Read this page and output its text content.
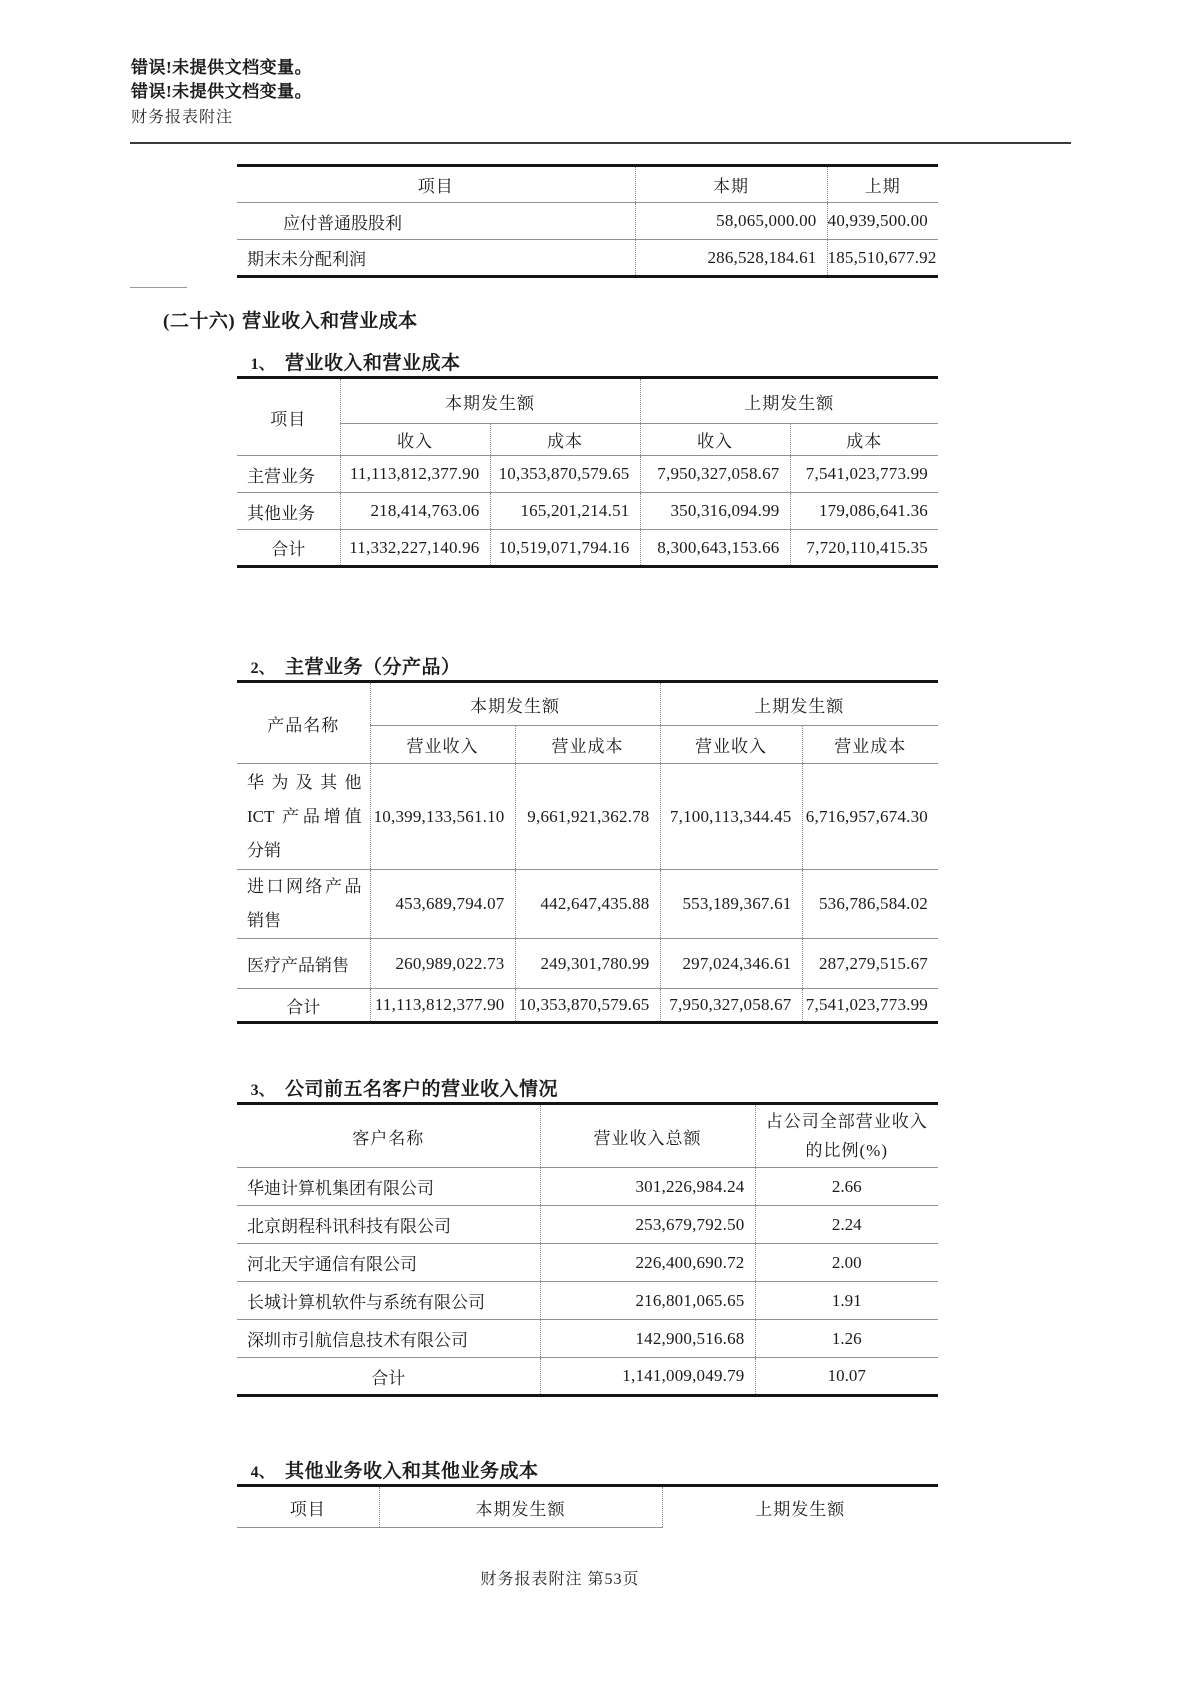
错误!未提供文档变量。
错误!未提供文档变量。
财务报表附注
项目	本期	上期
应付普通股股利	58,065,000.00	40,939,500.00
期末未分配利润	286,528,184.61	185,510,677.92
(二十六) 营业收入和营业成本
1、 营业收入和营业成本
项目	本期发生额		上期发生额	
	收入	成本	收入	成本
主营业务	11,113,812,377.90	10,353,870,579.65	7,950,327,058.67	7,541,023,773.99
其他业务	218,414,763.06	165,201,214.51	350,316,094.99	179,086,641.36
合计	11,332,227,140.96	10,519,071,794.16	8,300,643,153.66	7,720,110,415.35
2、 主营业务（分产品）
产品名称	本期发生额		上期发生额	
	营业收入	营业成本	营业收入	营业成本
华为及其他 ICT 产品增值分销	10,399,133,561.10	9,661,921,362.78	7,100,113,344.45	6,716,957,674.30
进口网络产品销售	453,689,794.07	442,647,435.88	553,189,367.61	536,786,584.02
医疗产品销售	260,989,022.73	249,301,780.99	297,024,346.61	287,279,515.67
合计	11,113,812,377.90	10,353,870,579.65	7,950,327,058.67	7,541,023,773.99
3、 公司前五名客户的营业收入情况
客户名称	营业收入总额	占公司全部营业收入
的比例(%)

华迪计算机集团有限公司	301,226,984.24	2.66
北京朗程科讯科技有限公司	253,679,792.50	2.24
河北天宇通信有限公司	226,400,690.72	2.00
长城计算机软件与系统有限公司	216,801,065.65	1.91
深圳市引航信息技术有限公司	142,900,516.68	1.26
合计	1,141,009,049.79	10.07
4、 其他业务收入和其他业务成本
项目	本期发生额	上期发生额
财务报表附注 第53页
